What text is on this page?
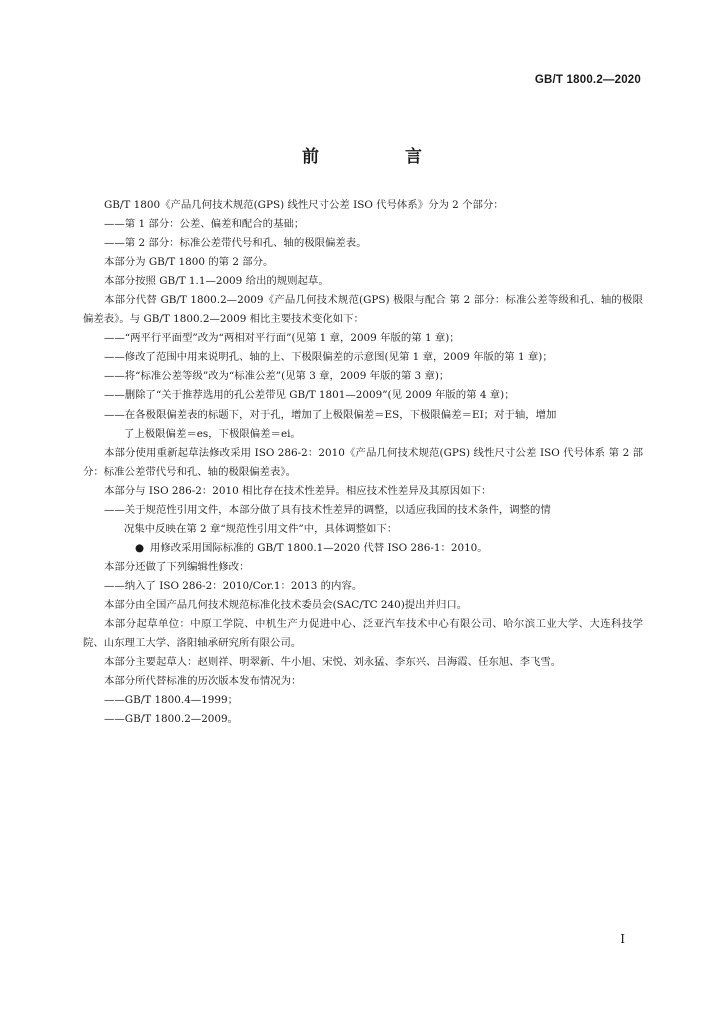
GB/T 1800.2—2020
前 言
GB/T 1800《产品几何技术规范(GPS) 线性尺寸公差 ISO 代号体系》分为 2 个部分：
——第 1 部分：公差、偏差和配合的基础；
——第 2 部分：标准公差带代号和孔、轴的极限偏差表。
本部分为 GB/T 1800 的第 2 部分。
本部分按照 GB/T 1.1—2009 给出的规则起草。
本部分代替 GB/T 1800.2—2009《产品几何技术规范(GPS) 极限与配合 第 2 部分：标准公差等级和孔、轴的极限偏差表》。与 GB/T 1800.2—2009 相比主要技术变化如下：
——“两平行平面型”改为“两相对平行面”(见第 1 章，2009 年版的第 1 章)；
——修改了范围中用来说明孔、轴的上、下极限偏差的示意图(见第 1 章，2009 年版的第 1 章)；
——将“标准公差等级”改为“标准公差”(见第 3 章，2009 年版的第 3 章)；
——删除了“关于推荐选用的孔公差带见 GB/T 1801—2009”(见 2009 年版的第 4 章)；
——在各极限偏差表的标题下，对于孔，增加了上极限偏差＝ES，下极限偏差＝EI；对于轴，增加
了上极限偏差＝es，下极限偏差＝ei。
本部分使用重新起草法修改采用 ISO 286-2：2010《产品几何技术规范(GPS) 线性尺寸公差 ISO 代号体系 第 2 部分：标准公差带代号和孔、轴的极限偏差表》。
本部分与 ISO 286-2：2010 相比存在技术性差异。相应技术性差异及其原因如下：
——关于规范性引用文件，本部分做了具有技术性差异的调整，以适应我国的技术条件，调整的情
况集中反映在第 2 章“规范性引用文件”中，具体调整如下：
● 用修改采用国际标准的 GB/T 1800.1—2020 代替 ISO 286-1：2010。
本部分还做了下列编辑性修改：
——纳入了 ISO 286-2：2010/Cor.1：2013 的内容。
本部分由全国产品几何技术规范标准化技术委员会(SAC/TC 240)提出并归口。
本部分起草单位：中原工学院、中机生产力促进中心、泛亚汽车技术中心有限公司、哈尔滨工业大学、大连科技学院、山东理工大学、洛阳轴承研究所有限公司。
本部分主要起草人：赵则祥、明翠新、牛小旭、宋悦、刘永猛、李东兴、吕海霞、任东旭、李飞雪。
本部分所代替标准的历次版本发布情况为：
——GB/T 1800.4—1999；
——GB/T 1800.2—2009。
I
